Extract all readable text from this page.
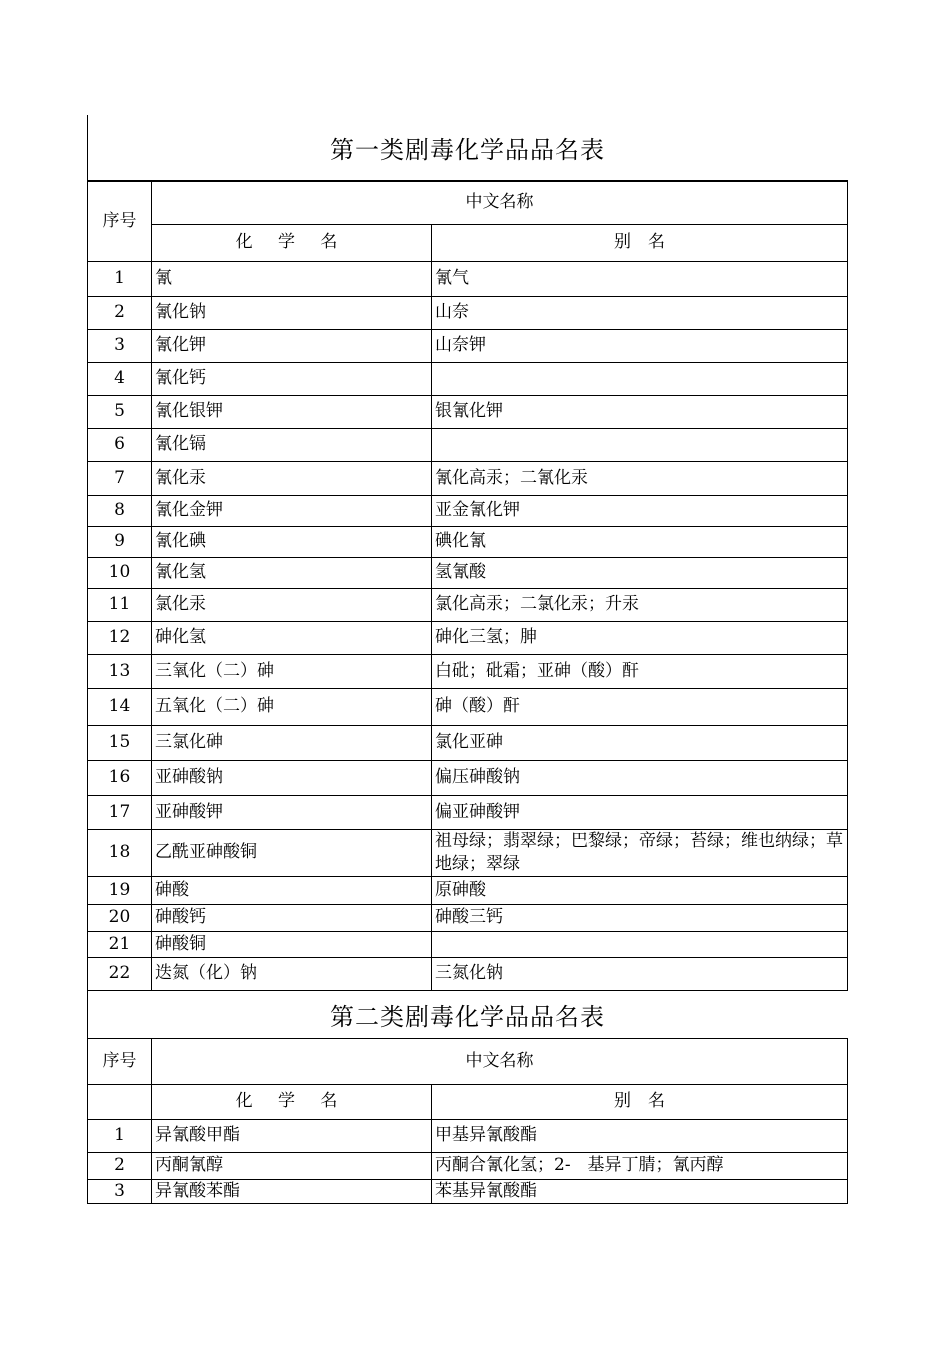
第一类剧毒化学品品名表
序号	中文名称	
	化 学 名	别　名
1	氰	氰气
2	氰化钠	山奈
3	氰化钾	山奈钾
4	氰化钙	
5	氰化银钾	银氰化钾
6	氰化镉	
7	氰化汞	氰化高汞；二氰化汞
8	氰化金钾	亚金氰化钾
9	氰化碘	碘化氰
10	氰化氢	氢氰酸
11	氯化汞	氯化高汞；二氯化汞；升汞
12	砷化氢	砷化三氢；胂
13	三氧化（二）砷	白砒；砒霜；亚砷（酸）酐
14	五氧化（二）砷	砷（酸）酐
15	三氯化砷	氯化亚砷
16	亚砷酸钠	偏压砷酸钠
17	亚砷酸钾	偏亚砷酸钾
18	乙酰亚砷酸铜	祖母绿；翡翠绿；巴黎绿；帝绿；苔绿；维也纳绿；草地绿；翠绿
19	砷酸	原砷酸
20	砷酸钙	砷酸三钙
21	砷酸铜	
22	迭氮（化）钠	三氮化钠
第二类剧毒化学品品名表
序号	中文名称	
	化 学 名	别　名
1	异氰酸甲酯	甲基异氰酸酯
2	丙酮氰醇	丙酮合氰化氢；2-　基异丁腈；氰丙醇
3	异氰酸苯酯	苯基异氰酸酯
